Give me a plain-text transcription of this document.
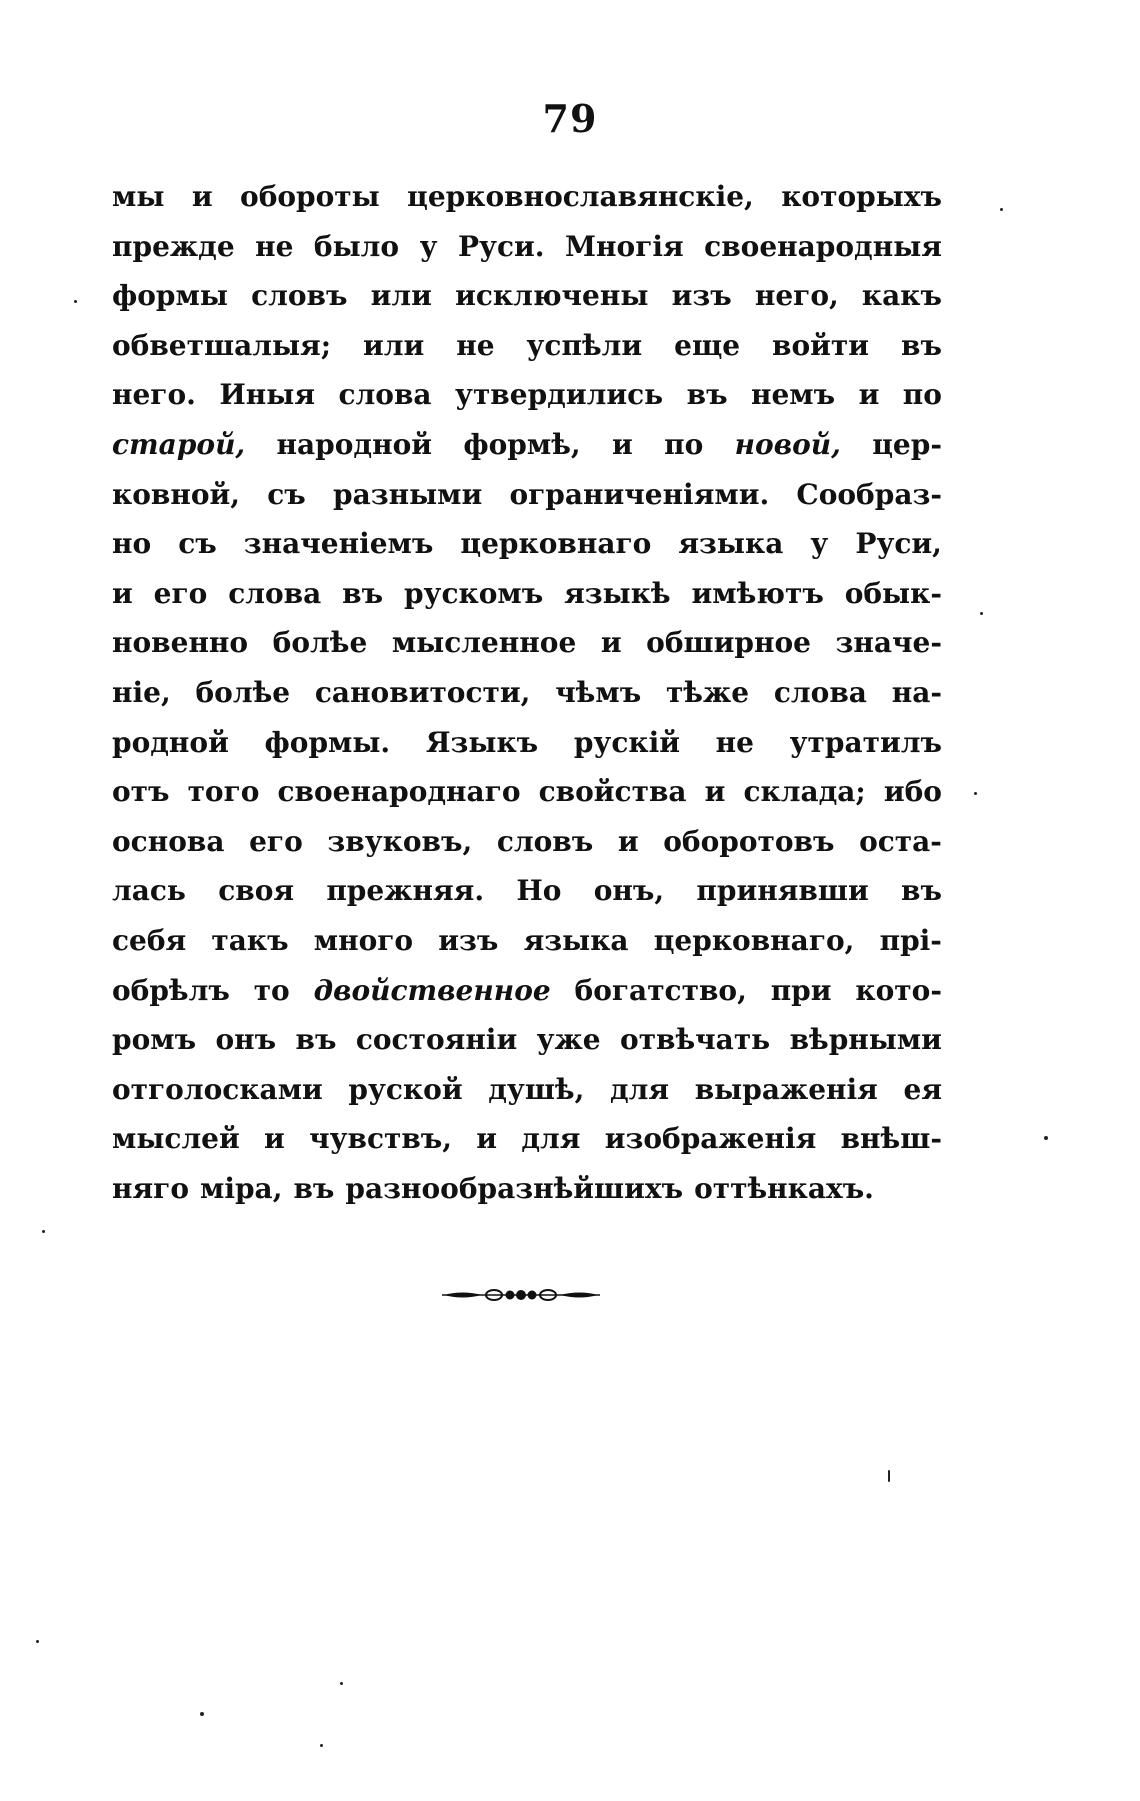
79
мы и обороты церковнославянскіе, которыхъ
прежде не было у Руси. Многія своенародныя
формы словъ или исключены изъ него, какъ
обветшалыя; или не успѣли еще войти въ
него. Иныя слова утвердились въ немъ и по
старой, народной формѣ, и по новой, цер-
ковной, съ разными ограниченіями. Сообраз-
но съ значеніемъ церковнаго языка у Руси,
и его слова въ рускомъ языкѣ имѣютъ обык-
новенно болѣе мысленное и обширное значе-
ніе, болѣе сановитости, чѣмъ тѣже слова на-
родной формы. Языкъ рускій не утратилъ
отъ того своенароднаго свойства и склада; ибо
основа его звуковъ, словъ и оборотовъ оста-
лась своя прежняя. Но онъ, принявши въ
себя такъ много изъ языка церковнаго, прі-
обрѣлъ то двойственное богатство, при кото-
ромъ онъ въ состояніи уже отвѣчать вѣрными
отголосками руской душѣ, для выраженія ея
мыслей и чувствъ, и для изображенія внѣш-
няго міра, въ разнообразнѣйшихъ оттѣнкахъ.
